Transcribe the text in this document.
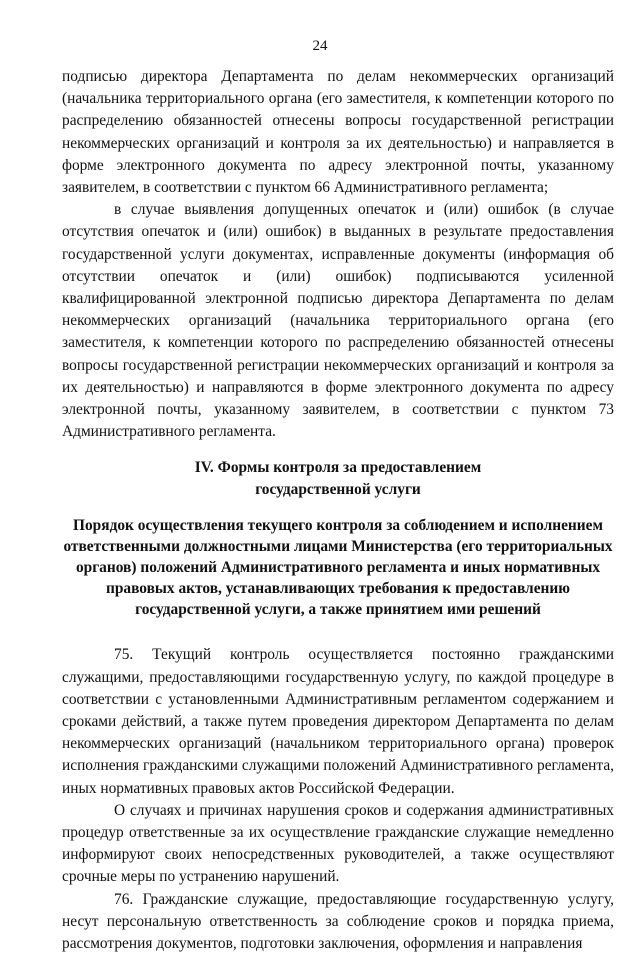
24

подписью директора Департамента по делам некоммерческих организаций (начальника территориального органа (его заместителя, к компетенции которого по распределению обязанностей отнесены вопросы государственной регистрации некоммерческих организаций и контроля за их деятельностью) и направляется в форме электронного документа по адресу электронной почты, указанному заявителем, в соответствии с пунктом 66 Административного регламента;

в случае выявления допущенных опечаток и (или) ошибок (в случае отсутствия опечаток и (или) ошибок) в выданных в результате предоставления государственной услуги документах, исправленные документы (информация об отсутствии опечаток и (или) ошибок) подписываются усиленной квалифицированной электронной подписью директора Департамента по делам некоммерческих организаций (начальника территориального органа (его заместителя, к компетенции которого по распределению обязанностей отнесены вопросы государственной регистрации некоммерческих организаций и контроля за их деятельностью) и направляются в форме электронного документа по адресу электронной почты, указанному заявителем, в соответствии с пунктом 73 Административного регламента.

IV. Формы контроля за предоставлением
государственной услуги
Порядок осуществления текущего контроля за соблюдением и исполнением
ответственными должностными лицами Министерства (его территориальных
органов) положений Административного регламента и иных нормативных
правовых актов, устанавливающих требования к предоставлению
государственной услуги, а также принятием ими решений

75. Текущий контроль осуществляется постоянно гражданскими служащими, предоставляющими государственную услугу, по каждой процедуре в соответствии с установленными Административным регламентом содержанием и сроками действий, а также путем проведения директором Департамента по делам некоммерческих организаций (начальником территориального органа) проверок исполнения гражданскими служащими положений Административного регламента, иных нормативных правовых актов Российской Федерации.

О случаях и причинах нарушения сроков и содержания административных процедур ответственные за их осуществление гражданские служащие немедленно информируют своих непосредственных руководителей, а также осуществляют срочные меры по устранению нарушений.

76. Гражданские служащие, предоставляющие государственную услугу, несут персональную ответственность за соблюдение сроков и порядка приема, рассмотрения документов, подготовки заключения, оформления и направления
